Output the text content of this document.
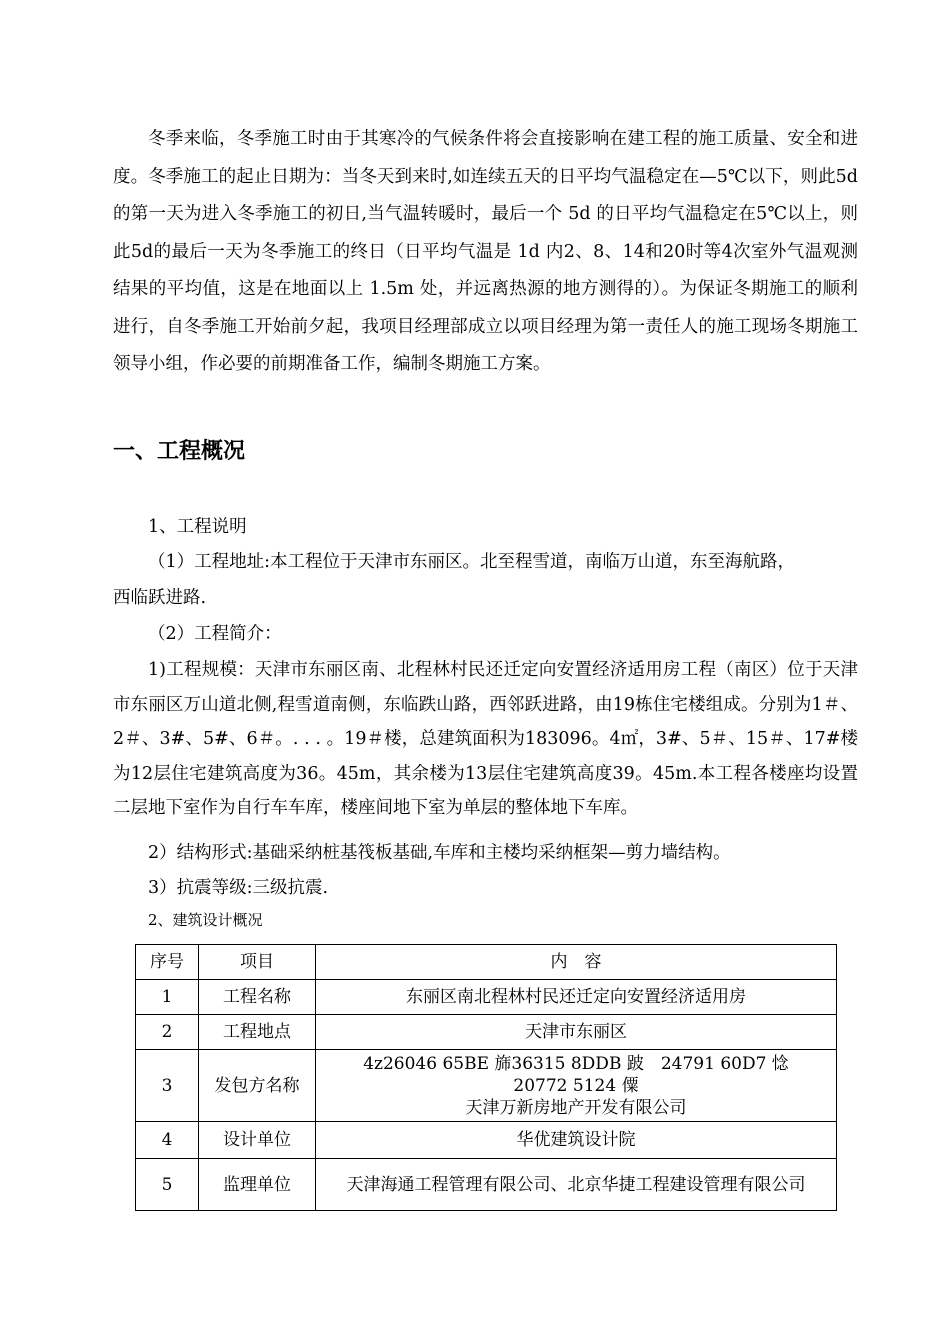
冬季来临，冬季施工时由于其寒冷的气候条件将会直接影响在建工程的施工质量、安全和进度。冬季施工的起止日期为：当冬天到来时,如连续五天的日平均气温稳定在—5℃以下，则此5d的第一天为进入冬季施工的初日,当气温转暖时，最后一个 5d 的日平均气温稳定在5℃以上，则此5d的最后一天为冬季施工的终日（日平均气温是 1d 内2、8、14和20时等4次室外气温观测结果的平均值，这是在地面以上 1.5m 处，并远离热源的地方测得的）。为保证冬期施工的顺利进行，自冬季施工开始前夕起，我项目经理部成立以项目经理为第一责任人的施工现场冬期施工领导小组，作必要的前期准备工作，编制冬期施工方案。

一、工程概况

1、工程说明

（1）工程地址:本工程位于天津市东丽区。北至程雪道，南临万山道，东至海航路，

西临跃进路.

（2）工程简介：

1)工程规模：天津市东丽区南、北程林村民还迁定向安置经济适用房工程（南区）位于天津市东丽区万山道北侧,程雪道南侧，东临跌山路，西邻跃进路，由19栋住宅楼组成。分别为1＃、2＃、3#、5#、6＃。. . . 。19＃楼，总建筑面积为183096。4㎡，3#、5＃、15＃、17#楼为12层住宅建筑高度为36。45m，其余楼为13层住宅建筑高度39。45m.本工程各楼座均设置二层地下室作为自行车车库，楼座间地下室为单层的整体地下车库。

2）结构形式:基础采纳桩基筏板基础,车库和主楼均采纳框架—剪力墙结构。

3）抗震等级:三级抗震.

2、建筑设计概况

序号	项目	内　容
1	工程名称	东丽区南北程林村民还迁定向安置经济适用房
2	工程地点	天津市东丽区
3	发包方名称	4z26046 65BE 旆36315 8DDB 跛　24791 60D7 惗
20772 5124 僳
天津万新房地产开发有限公司

4	设计单位	华优建筑设计院
5	监理单位	天津海通工程管理有限公司、北京华捷工程建设管理有限公司
